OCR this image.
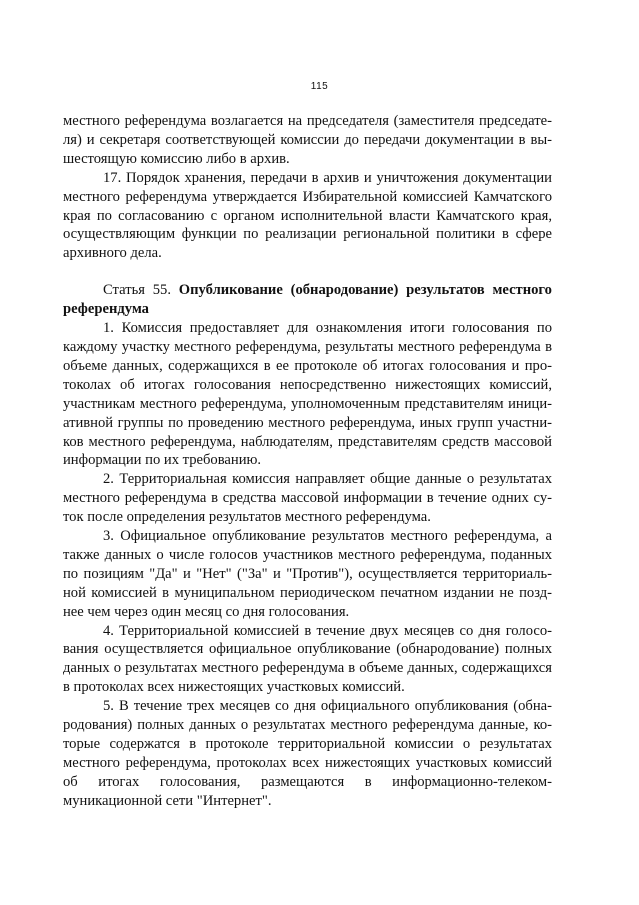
115

местного референдума возлагается на председателя (заместителя председате-ля) и секретаря соответствующей комиссии до передачи документации в вы-шестоящую комиссию либо в архив.

17. Порядок хранения, передачи в архив и уничтожения документации местного референдума утверждается Избирательной комиссией Камчатского края по согласованию с органом исполнительной власти Камчатского края, осуществляющим функции по реализации региональной политики в сфере архивного дела.

Статья 55. Опубликование (обнародование) результатов местного референдума

1. Комиссия предоставляет для ознакомления итоги голосования по каждому участку местного референдума, результаты местного референдума в объеме данных, содержащихся в ее протоколе об итогах голосования и про-токолах об итогах голосования непосредственно нижестоящих комиссий, участникам местного референдума, уполномоченным представителям иници-ативной группы по проведению местного референдума, иных групп участни-ков местного референдума, наблюдателям, представителям средств массовой информации по их требованию.

2. Территориальная комиссия направляет общие данные о результатах местного референдума в средства массовой информации в течение одних су-ток после определения результатов местного референдума.

3. Официальное опубликование результатов местного референдума, а также данных о числе голосов участников местного референдума, поданных по позициям "Да" и "Нет" ("За" и "Против"), осуществляется территориаль-ной комиссией в муниципальном периодическом печатном издании не позд-нее чем через один месяц со дня голосования.

4. Территориальной комиссией в течение двух месяцев со дня голосо-вания осуществляется официальное опубликование (обнародование) полных данных о результатах местного референдума в объеме данных, содержащихся в протоколах всех нижестоящих участковых комиссий.

5. В течение трех месяцев со дня официального опубликования (обна-родования) полных данных о результатах местного референдума данные, ко-торые содержатся в протоколе территориальной комиссии о результатах местного референдума, протоколах всех нижестоящих участковых комиссий об итогах голосования, размещаются в информационно-телеком-муникационной сети "Интернет".
